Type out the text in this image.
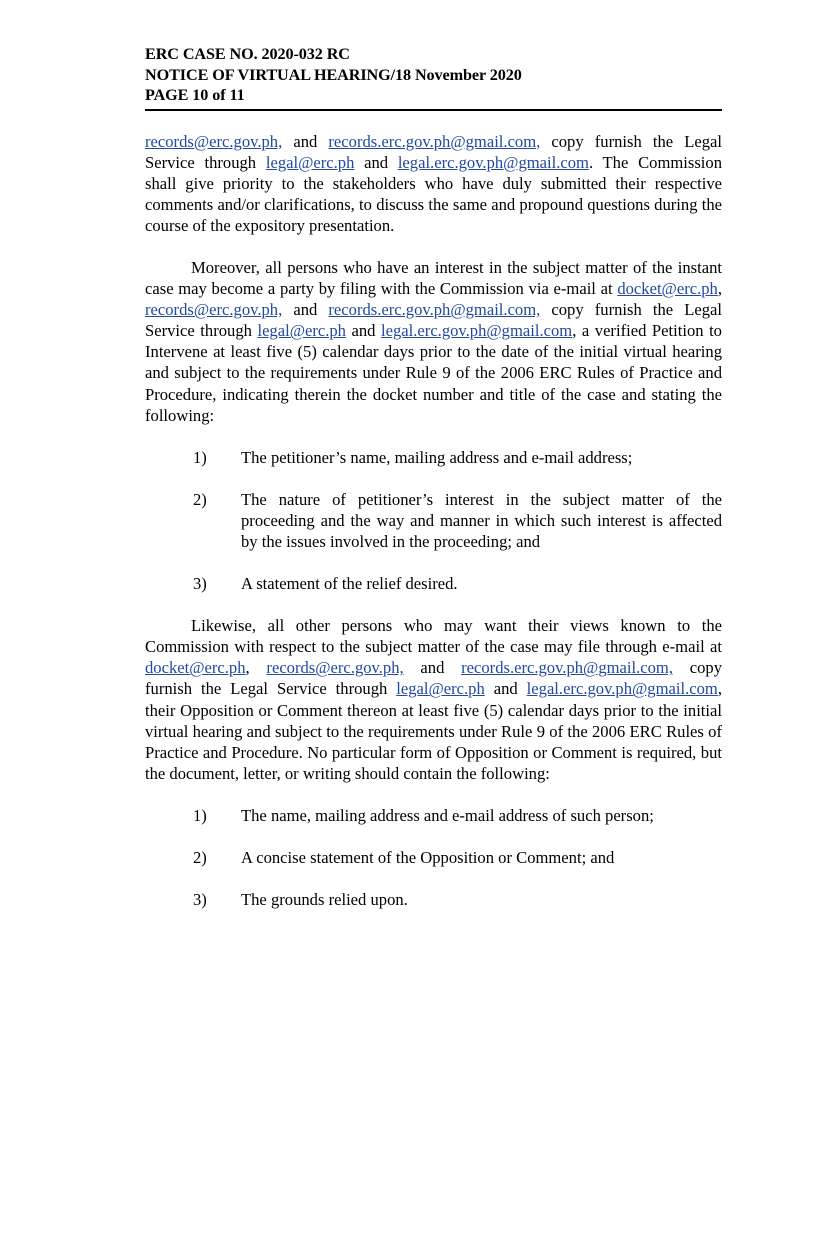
ERC CASE NO. 2020-032 RC
NOTICE OF VIRTUAL HEARING/18 November 2020
PAGE 10 of 11

records@erc.gov.ph, and records.erc.gov.ph@gmail.com, copy furnish the Legal Service through legal@erc.ph and legal.erc.gov.ph@gmail.com. The Commission shall give priority to the stakeholders who have duly submitted their respective comments and/or clarifications, to discuss the same and propound questions during the course of the expository presentation.

Moreover, all persons who have an interest in the subject matter of the instant case may become a party by filing with the Commission via e-mail at docket@erc.ph, records@erc.gov.ph, and records.erc.gov.ph@gmail.com, copy furnish the Legal Service through legal@erc.ph and legal.erc.gov.ph@gmail.com, a verified Petition to Intervene at least five (5) calendar days prior to the date of the initial virtual hearing and subject to the requirements under Rule 9 of the 2006 ERC Rules of Practice and Procedure, indicating therein the docket number and title of the case and stating the following:

1)	The petitioner’s name, mailing address and e-mail address;
2)	The nature of petitioner’s interest in the subject matter of the proceeding and the way and manner in which such interest is affected by the issues involved in the proceeding; and
3)	A statement of the relief desired.

Likewise, all other persons who may want their views known to the Commission with respect to the subject matter of the case may file through e-mail at docket@erc.ph, records@erc.gov.ph, and records.erc.gov.ph@gmail.com, copy furnish the Legal Service through legal@erc.ph and legal.erc.gov.ph@gmail.com, their Opposition or Comment thereon at least five (5) calendar days prior to the initial virtual hearing and subject to the requirements under Rule 9 of the 2006 ERC Rules of Practice and Procedure. No particular form of Opposition or Comment is required, but the document, letter, or writing should contain the following:

1)	The name, mailing address and e-mail address of such person;
2)	A concise statement of the Opposition or Comment; and
3)	The grounds relied upon.
